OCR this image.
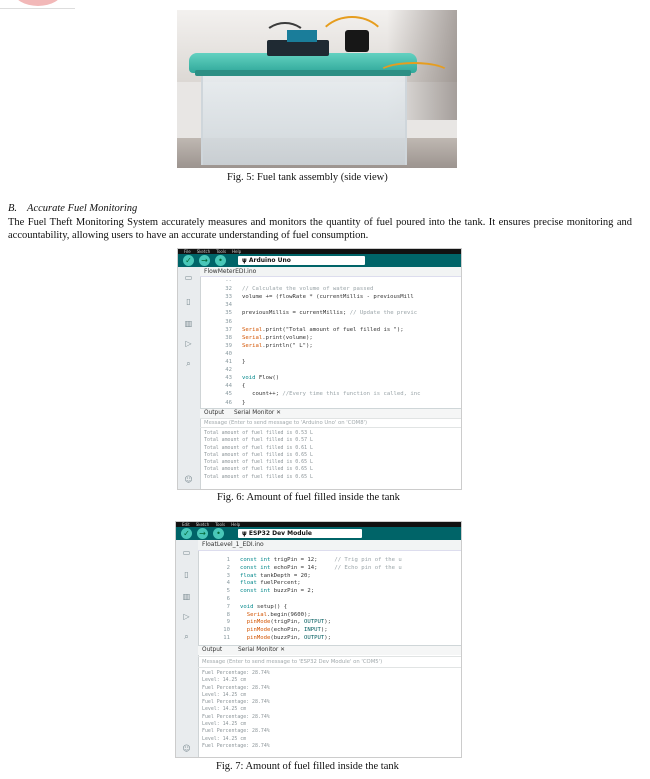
Fig. 5: Fuel tank assembly (side view)
B. Accurate Fuel Monitoring
The Fuel Theft Monitoring System accurately measures and monitors the quantity of fuel poured into the tank. It ensures precise monitoring and accountability, allowing users to have an accurate understanding of fuel consumption.
$^{File}$ $^{Sketch}$ $^{Tools}$ $^{Help}$
✓ →	•	ψ Arduino Uno
▭
▯
▥
▷
⌕
☺
FlowMeterEDI.ino
--
32 // Calculate the volume of water passed
33 volume += (flowRate * (currentMillis - previousMill
34
35 previousMillis = currentMillis; // Update the previc
36
37 Serial.print("Total amount of fuel filled is ");
38 Serial.print(volume);
39 Serial.println(" L");
40
41 }
42
43 void Flow()
44 {
45 count++; //Every time this function is called, inc
46 }
Output Serial Monitor ✕
Message (Enter to send message to 'Arduino Uno' on 'COM8')
Total amount of fuel filled is 0.53 L
Total amount of fuel filled is 0.57 L
Total amount of fuel filled is 0.61 L
Total amount of fuel filled is 0.65 L
Total amount of fuel filled is 0.65 L
Total amount of fuel filled is 0.65 L
Total amount of fuel filled is 0.65 L
Fig. 6: Amount of fuel filled inside the tank
$^{Edit}$ $^{Sketch}$ $^{Tools}$ $^{Help}$
✓ →	•	ψ ESP32 Dev Module
▭
▯
▥
▷
⌕
☺
FloatLevel_1_EDI.ino
1 const int trigPin = 12;     // Trig pin of the u
2 const int echoPin = 14;     // Echo pin of the u
3 float tankDepth = 20;
4 float fuelPercent;
5 const int buzzPin = 2;
6
7 void setup() {
8	Serial.begin(9600);
9	pinMode(trigPin, OUTPUT);
10	pinMode(echoPin, INPUT);
11	pinMode(buzzPin, OUTPUT);
Output	Serial Monitor ✕
Message (Enter to send message to 'ESP32 Dev Module' on 'COM5')
Fuel Percentage: 28.74%
Level: 14.25 cm
Fuel Percentage: 28.74%
Level: 14.25 cm
Fuel Percentage: 28.74%
Level: 14.25 cm
Fuel Percentage: 28.74%
Level: 14.25 cm
Fuel Percentage: 28.74%
Level: 14.25 cm
Fuel Percentage: 28.74%
Fig. 7: Amount of fuel filled inside the tank
